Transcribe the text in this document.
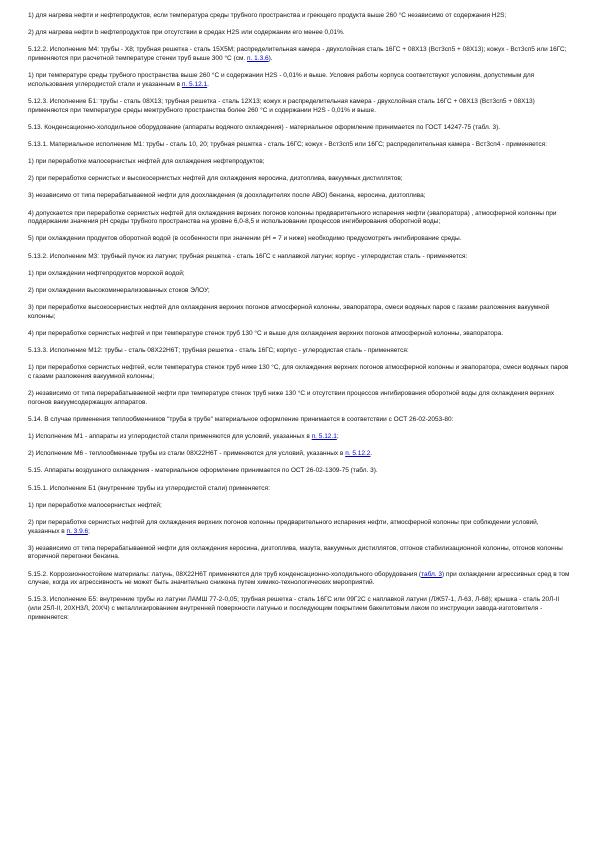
1) для нагрева нефти и нефтепродуктов, если температура среды трубного пространства и греющего продукта выше 260 °С независимо от содержания H2S;

2) для нагрева нефти b нефтепродуктов при отсутствии в средах H2S или содержании его менее 0,01%.

5.12.2. Исполнение М4: трубы - Х8; трубная решетка - сталь 15Х5М; распределительная камера - двухслойная сталь 16ГС + 08Х13 (Вст3сп5 + 08Х13); кожух - Вст3сп5 или 16ГС; применяются при расчетной температуре стенки труб выше 300 °С (см. п. 1.3.6).

1) при температуре среды трубного пространства выше 260 °С и содержании H2S - 0,01% и выше. Условия работы корпуса соответствуют условиям, допустимым для использования углеродистой стали и указанным в п. 5.12.1.

5.12.3. Исполнение Б1: трубы - сталь 08Х13; трубная решетка - сталь 12Х13; кожух и распределительная камера - двухслойная сталь 16ГС + 08Х13 (Вст3сп5 + 08Х13) применяются при температуре среды межтрубного пространства более 260 °С и содержании H2S - 0,01% и выше.

5.13. Конденсационно-холодильное оборудование (аппараты водяного охлаждения) - материальное оформление принимается по ГОСТ 14247-75 (табл. 3).

5.13.1. Материальное исполнение М1: трубы - сталь 10, 20; трубная решетка - сталь 16ГС; кожух - Вст3сп5 или 16ГС; распределительная камера - Вст3сп4 - применяется:

1) при переработке малосернистых нефтей для охлаждения нефтепродуктов;

2) при переработке сернистых и высокосернистых нефтей для охлаждения керосина, дизтоплива, вакуумных дистиллятов;

3) независимо от типа перерабатываемой нефти для доохлаждения (в доохладителях после АВО) бензина, керосина, дизтоплива;

4) допускается при переработке сернистых нефтей для охлаждения верхних погонов колонны предварительного испарения нефти (эвапоратора) , атмосферной колонны при поддержании значения рН среды трубного пространства на уровне 6,0-8,5 и использовании процессов ингибирования оборотной воды;

5) при охлаждении продуктов оборотной водой (в особенности при значении рН = 7 и ниже) необходимо предусмотреть ингибирование среды.

5.13.2. Исполнение М3: трубный пучок из латуни; трубная решетка - сталь 16ГС с наплавкой латуни; корпус - углеродистая сталь - применяется:

1) при охлаждении нефтепродуктов морской водой;

2) при охлаждении высокоминерализованных стоков ЭЛОУ;

3) при переработке высокосернистых нефтей для охлаждения верхних погонов атмосферной колонны, эвапоратора, смеси водяных паров с газами разложения вакуумной колонны;

4) при переработке сернистых нефтей и при температуре стенок труб 130 °С и выше для охлаждения верхних погонов атмосферной колонны, эвапоратора.

5.13.3. Исполнение М12: трубы - сталь 08Х22Н6Т; трубная решетка - сталь 16ГС; корпус - углеродистая сталь - применяется:

1) при переработке сернистых нефтей, если температура стенок труб ниже 130 °С, для охлаждения верхних погонов атмосферной колонны и эвапоратора, смеси водяных паров с газами разложения вакуумной колонны;

2) независимо от типа перерабатываемой нефти при температуре стенок труб ниже 130 °С и отсутствии процессов ингибирования оборотной воды для охлаждения верхних погонов вакуумсодержащих аппаратов.

5.14. В случае применения теплообменников "труба в трубе" материальное оформление принимается в соответствии с ОСТ 26-02-2053-80:

1) Исполнение М1 - аппараты из углеродистой стали применяются для условий, указанных в п. 5.12.1;

2) Исполнение М6 - теплообменные трубы из стали 08Х22Н6Т - применяются для условий, указанных в п. 5.12.2.

5.15. Аппараты воздушного охлаждения - материальное оформление принимается по ОСТ 26-02-1309-75 (табл. 3).

5.15.1. Исполнение Б1 (внутренние трубы из углеродистой стали) применяется:

1) при переработке малосернистых нефтей;

2) при переработке сернистых нефтей для охлаждения верхних погонов колонны предварительного испарения нефти, атмосферной колонны при соблюдении условий, указанных в п. 3.9.6;

3) независимо от типа перерабатываемой нефти для охлаждения керосина, дизтоплива, мазута, вакуумных дистиллятов, отгонов стабилизационной колонны, отгонов колонны вторичной перегонки бензина.

5.15.2. Коррозионностойкие материалы: латунь, 08Х22Н6Т применяются для труб конденсационно-холодильного оборудования (табл. 3) при охлаждении агрессивных сред в том случае, когда их агрессивность не может быть значительно снижена путем химико-технологических мероприятий.

5.15.3. Исполнение Б5: внутренние трубы из латуни ЛАМШ 77-2-0,05; трубная решетка - сталь 16ГС или 09Г2С с наплавкой латуни (ЛЖ57-1, Л-63, Л-68); крышка - сталь 20Л-II (или 25Л-II, 20ХН3Л, 20ХЧ) с металлизированием внутренней поверхности латунью и последующим покрытием бакелитовым лаком по инструкции завода-изготовителя - применяется:
